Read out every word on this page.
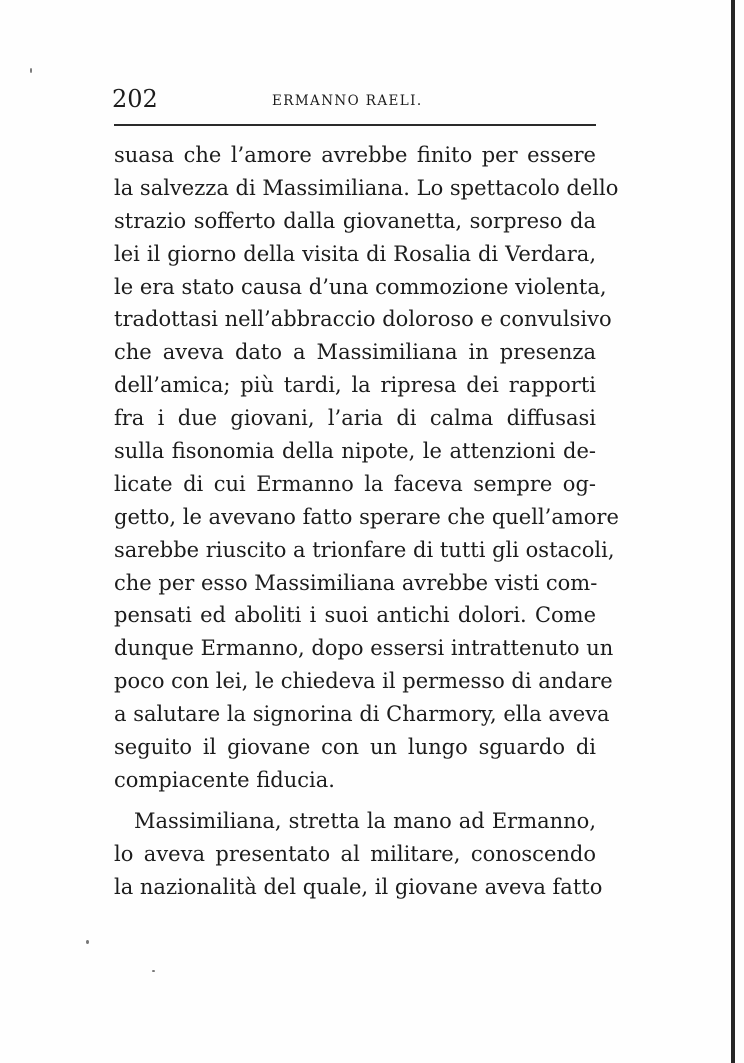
202	ERMANNO RAELI.
suasa che l’amore avrebbe finito per essere
la salvezza di Massimiliana. Lo spettacolo dello
strazio sofferto dalla giovanetta, sorpreso da
lei il giorno della visita di Rosalia di Verdara,
le era stato causa d’una commozione violenta,
tradottasi nell’abbraccio doloroso e convulsivo
che aveva dato a Massimiliana in presenza
dell’amica; più tardi, la ripresa dei rapporti
fra i due giovani, l’aria di calma diffusasi
sulla fisonomia della nipote, le attenzioni de-
licate di cui Ermanno la faceva sempre og-
getto, le avevano fatto sperare che quell’amore
sarebbe riuscito a trionfare di tutti gli ostacoli,
che per esso Massimiliana avrebbe visti com-
pensati ed aboliti i suoi antichi dolori. Come
dunque Ermanno, dopo essersi intrattenuto un
poco con lei, le chiedeva il permesso di andare
a salutare la signorina di Charmory, ella aveva
seguito il giovane con un lungo sguardo di
compiacente fiducia.
Massimiliana, stretta la mano ad Ermanno,
lo aveva presentato al militare, conoscendo
la nazionalità del quale, il giovane aveva fatto
